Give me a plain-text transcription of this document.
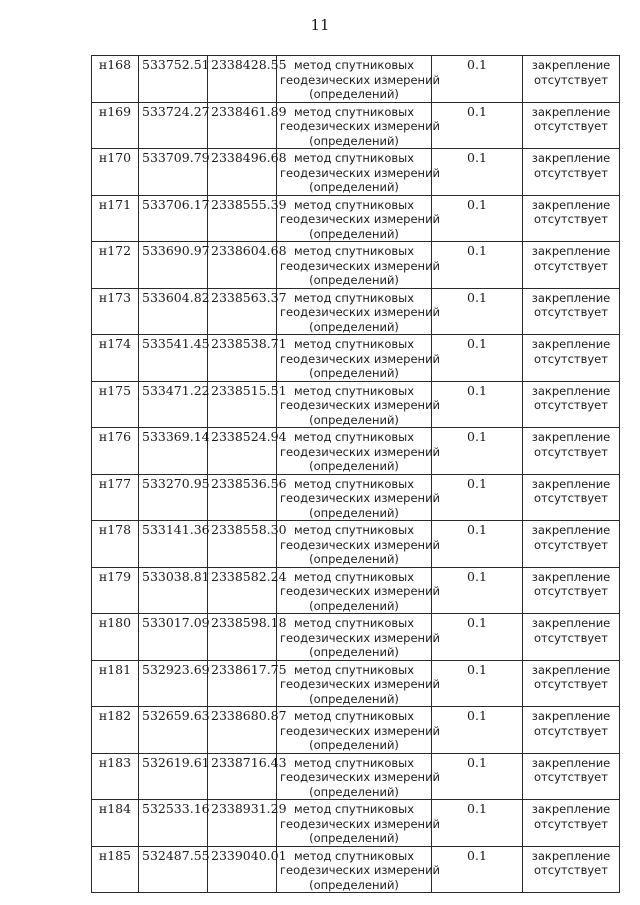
11
н168	533752.51	2338428.55	метод спутниковых
геодезических измерений
(определений)	0.1	закрепление
отсутствует

н169	533724.27	2338461.89	метод спутниковых
геодезических измерений
(определений)	0.1	закрепление
отсутствует

н170	533709.79	2338496.68	метод спутниковых
геодезических измерений
(определений)	0.1	закрепление
отсутствует

н171	533706.17	2338555.39	метод спутниковых
геодезических измерений
(определений)	0.1	закрепление
отсутствует

н172	533690.97	2338604.68	метод спутниковых
геодезических измерений
(определений)	0.1	закрепление
отсутствует

н173	533604.82	2338563.37	метод спутниковых
геодезических измерений
(определений)	0.1	закрепление
отсутствует

н174	533541.45	2338538.71	метод спутниковых
геодезических измерений
(определений)	0.1	закрепление
отсутствует

н175	533471.22	2338515.51	метод спутниковых
геодезических измерений
(определений)	0.1	закрепление
отсутствует

н176	533369.14	2338524.94	метод спутниковых
геодезических измерений
(определений)	0.1	закрепление
отсутствует

н177	533270.95	2338536.56	метод спутниковых
геодезических измерений
(определений)	0.1	закрепление
отсутствует

н178	533141.36	2338558.30	метод спутниковых
геодезических измерений
(определений)	0.1	закрепление
отсутствует

н179	533038.81	2338582.24	метод спутниковых
геодезических измерений
(определений)	0.1	закрепление
отсутствует

н180	533017.09	2338598.18	метод спутниковых
геодезических измерений
(определений)	0.1	закрепление
отсутствует

н181	532923.69	2338617.75	метод спутниковых
геодезических измерений
(определений)	0.1	закрепление
отсутствует

н182	532659.63	2338680.87	метод спутниковых
геодезических измерений
(определений)	0.1	закрепление
отсутствует

н183	532619.61	2338716.43	метод спутниковых
геодезических измерений
(определений)	0.1	закрепление
отсутствует

н184	532533.16	2338931.29	метод спутниковых
геодезических измерений
(определений)	0.1	закрепление
отсутствует

н185	532487.55	2339040.01	метод спутниковых
геодезических измерений
(определений)	0.1	закрепление
отсутствует
